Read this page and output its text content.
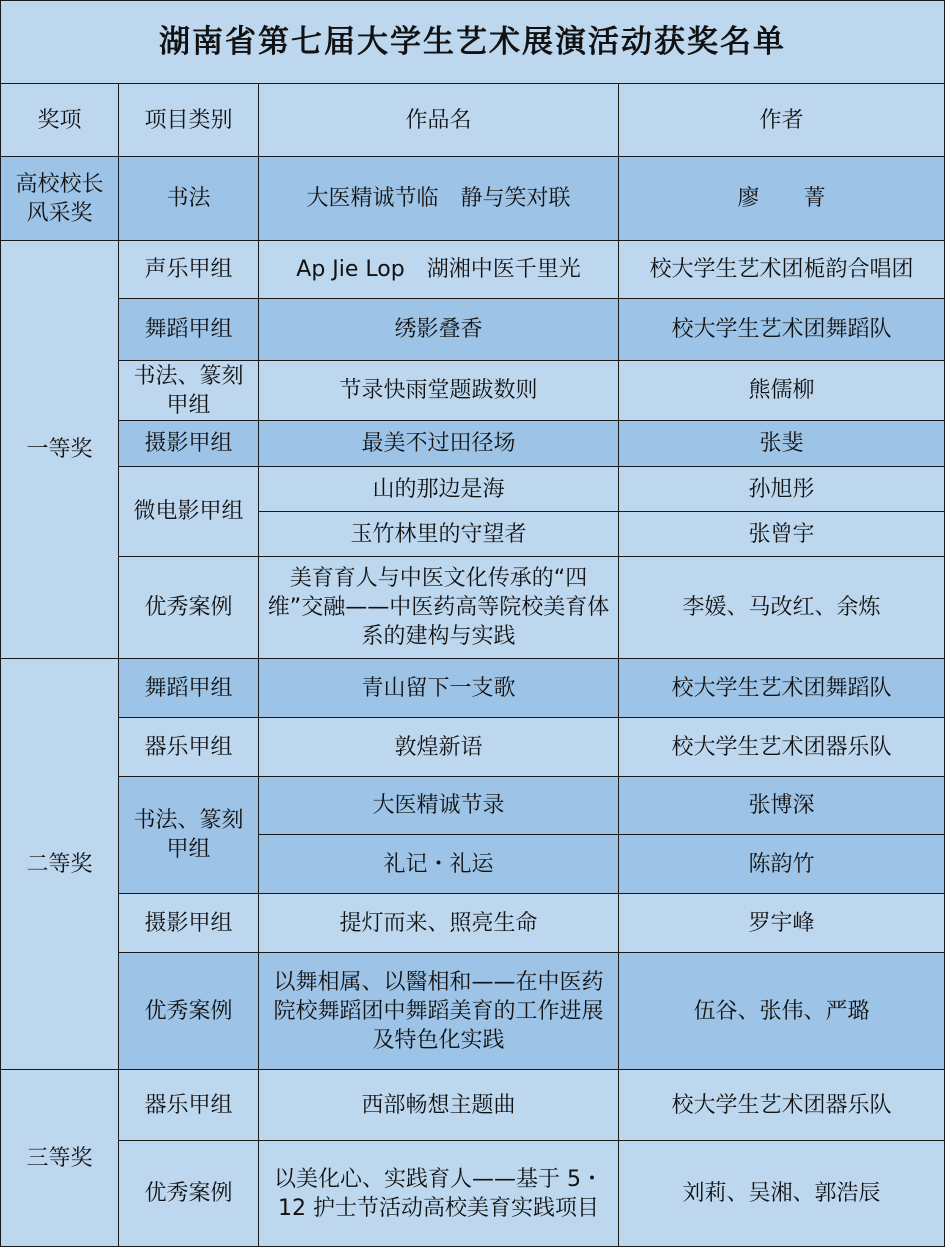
湖南省第七届大学生艺术展演活动获奖名单			
奖项	项目类别	作品名	作者
高校校长风采奖	书法	大医精诚节临　静与笑对联	廖　　菁
一等奖	声乐甲组	Ap Jie Lop　湖湘中医千里光	校大学生艺术团栀韵合唱团
	舞蹈甲组	绣影叠香	校大学生艺术团舞蹈队
	书法、篆刻甲组	节录快雨堂题跋数则	熊儒柳
	摄影甲组	最美不过田径场	张斐
	微电影甲组	山的那边是海	孙旭彤
		玉竹林里的守望者	张曾宇
	优秀案例	美育育人与中医文化传承的“四维”交融——中医药高等院校美育体系的建构与实践	李媛、马改红、余炼
二等奖	舞蹈甲组	青山留下一支歌	校大学生艺术团舞蹈队
	器乐甲组	敦煌新语	校大学生艺术团器乐队
	书法、篆刻甲组	大医精诚节录	张博深
		礼记・礼运	陈韵竹
	摄影甲组	提灯而来、照亮生命	罗宇峰
	优秀案例	以舞相属、以醫相和——在中医药院校舞蹈团中舞蹈美育的工作进展及特色化实践	伍谷、张伟、严璐
三等奖	器乐甲组	西部畅想主题曲	校大学生艺术团器乐队
	优秀案例	以美化心、实践育人——基于 5・12 护士节活动高校美育实践项目	刘莉、吴湘、郭浩辰
